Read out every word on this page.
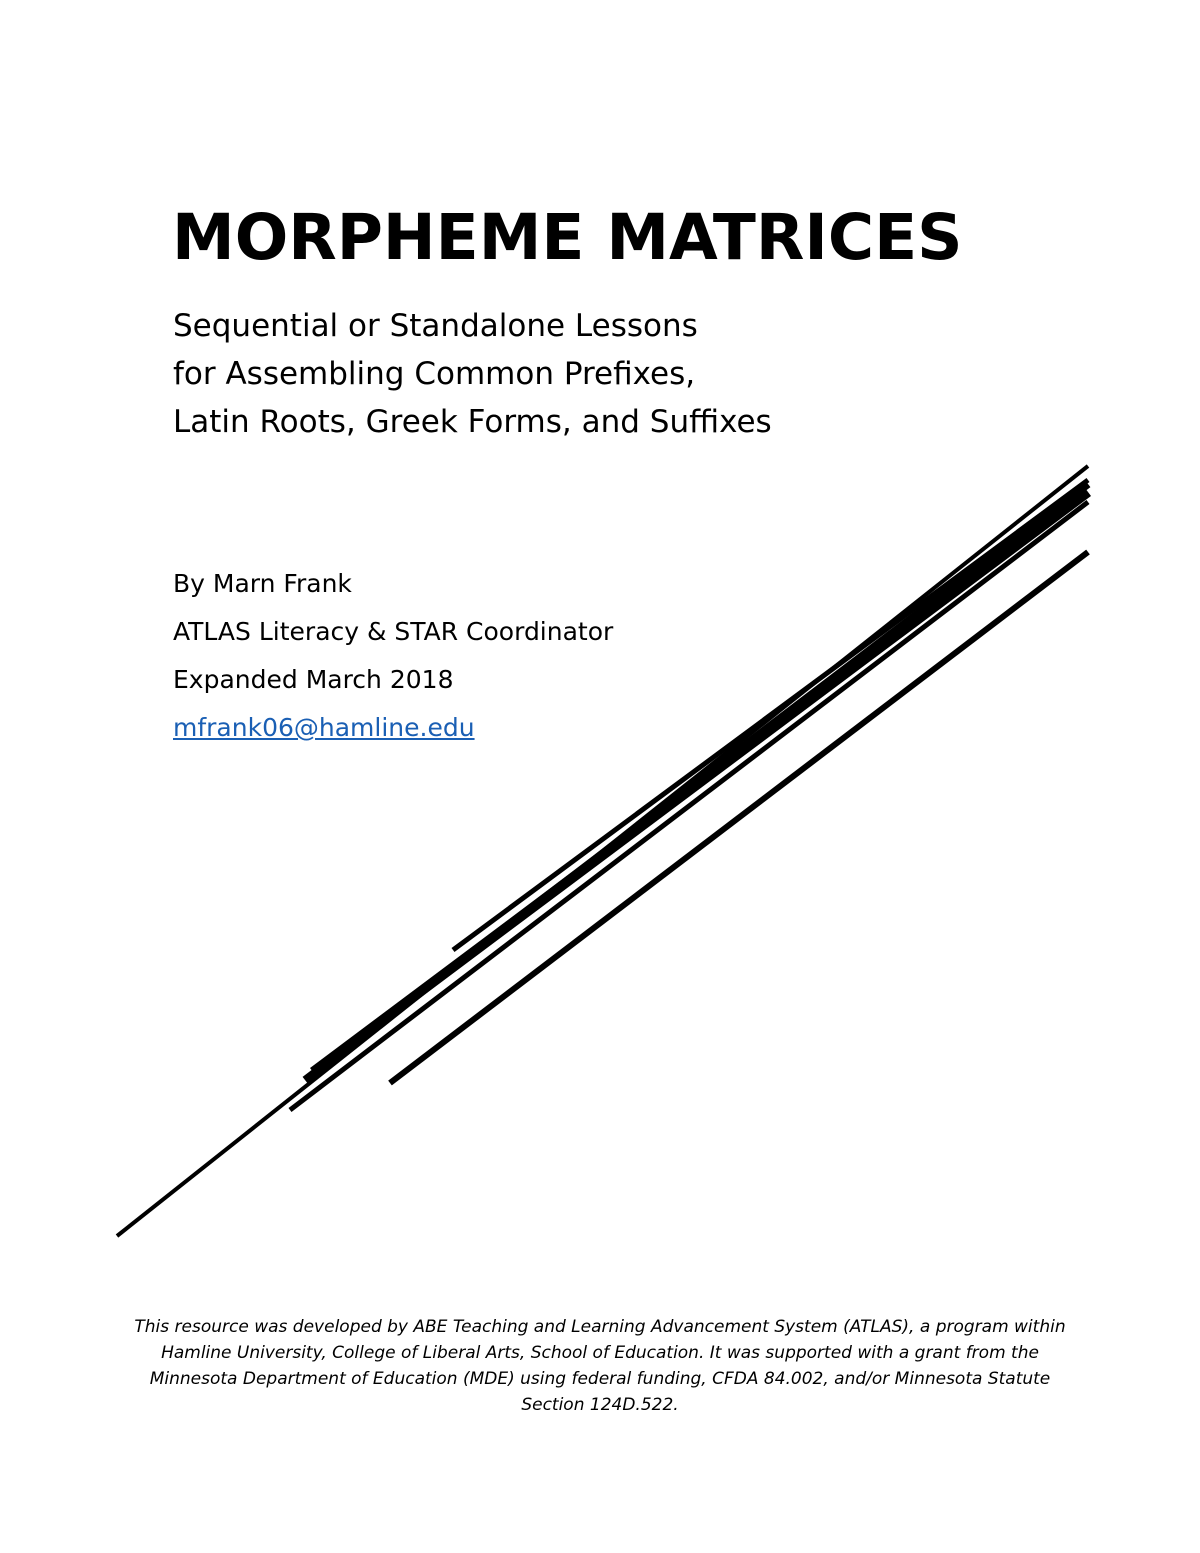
MORPHEME MATRICES
Sequential or Standalone Lessons
for Assembling Common Prefixes,
Latin Roots, Greek Forms, and Suffixes
By Marn Frank
ATLAS Literacy & STAR Coordinator
Expanded March 2018
mfrank06@hamline.edu

This resource was developed by ABE Teaching and Learning Advancement System (ATLAS), a program within Hamline University, College of Liberal Arts, School of Education. It was supported with a grant from the Minnesota Department of Education (MDE) using federal funding, CFDA 84.002, and/or Minnesota Statute Section 124D.522.
